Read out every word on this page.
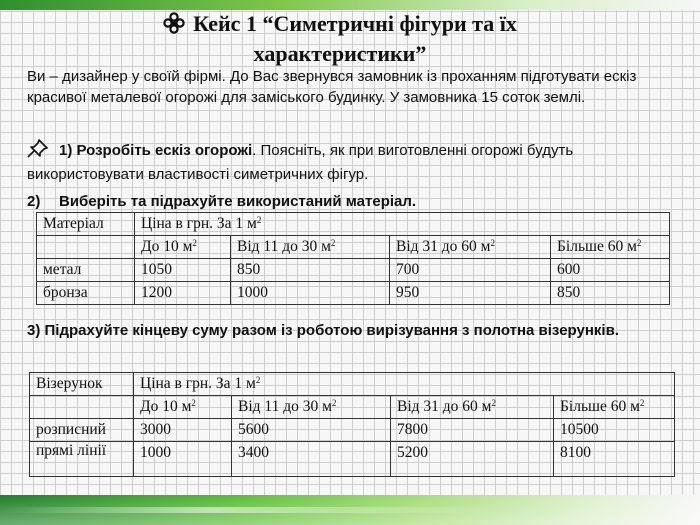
Кейс 1 “Симетричні фігури та їх характеристики”
Ви – дизайнер у своїй фірмі. До Вас звернувся замовник із проханням підготувати ескіз красивої металевої огорожі для заміського будинку. У замовника 15 соток землі.
1) Розробіть ескіз огорожі. Поясніть, як при виготовленні огорожі будуть використовувати властивості симетричних фігур.
2) Виберіть та підрахуйте використаний матеріал.
Матеріал	Ціна в грн. За 1 $м^2$
	До 10 $м^2$	Від 11 до 30 $м^2$	Від 31 до 60 $м^2$	Більше 60 $м^2$
метал	1050	850	700	600
бронза	1200	1000	950	850
3) Підрахуйте кінцеву суму разом із роботою вирізування з полотна візерунків.
Візерунок	Ціна в грн. За 1 $м^2$
	До 10 $м^2$	Від 11 до 30 $м^2$	Від 31 до 60 $м^2$	Більше 60 $м^2$
розписний	3000	5600	7800	10500
прямі лінії	1000	3400	5200	8100
